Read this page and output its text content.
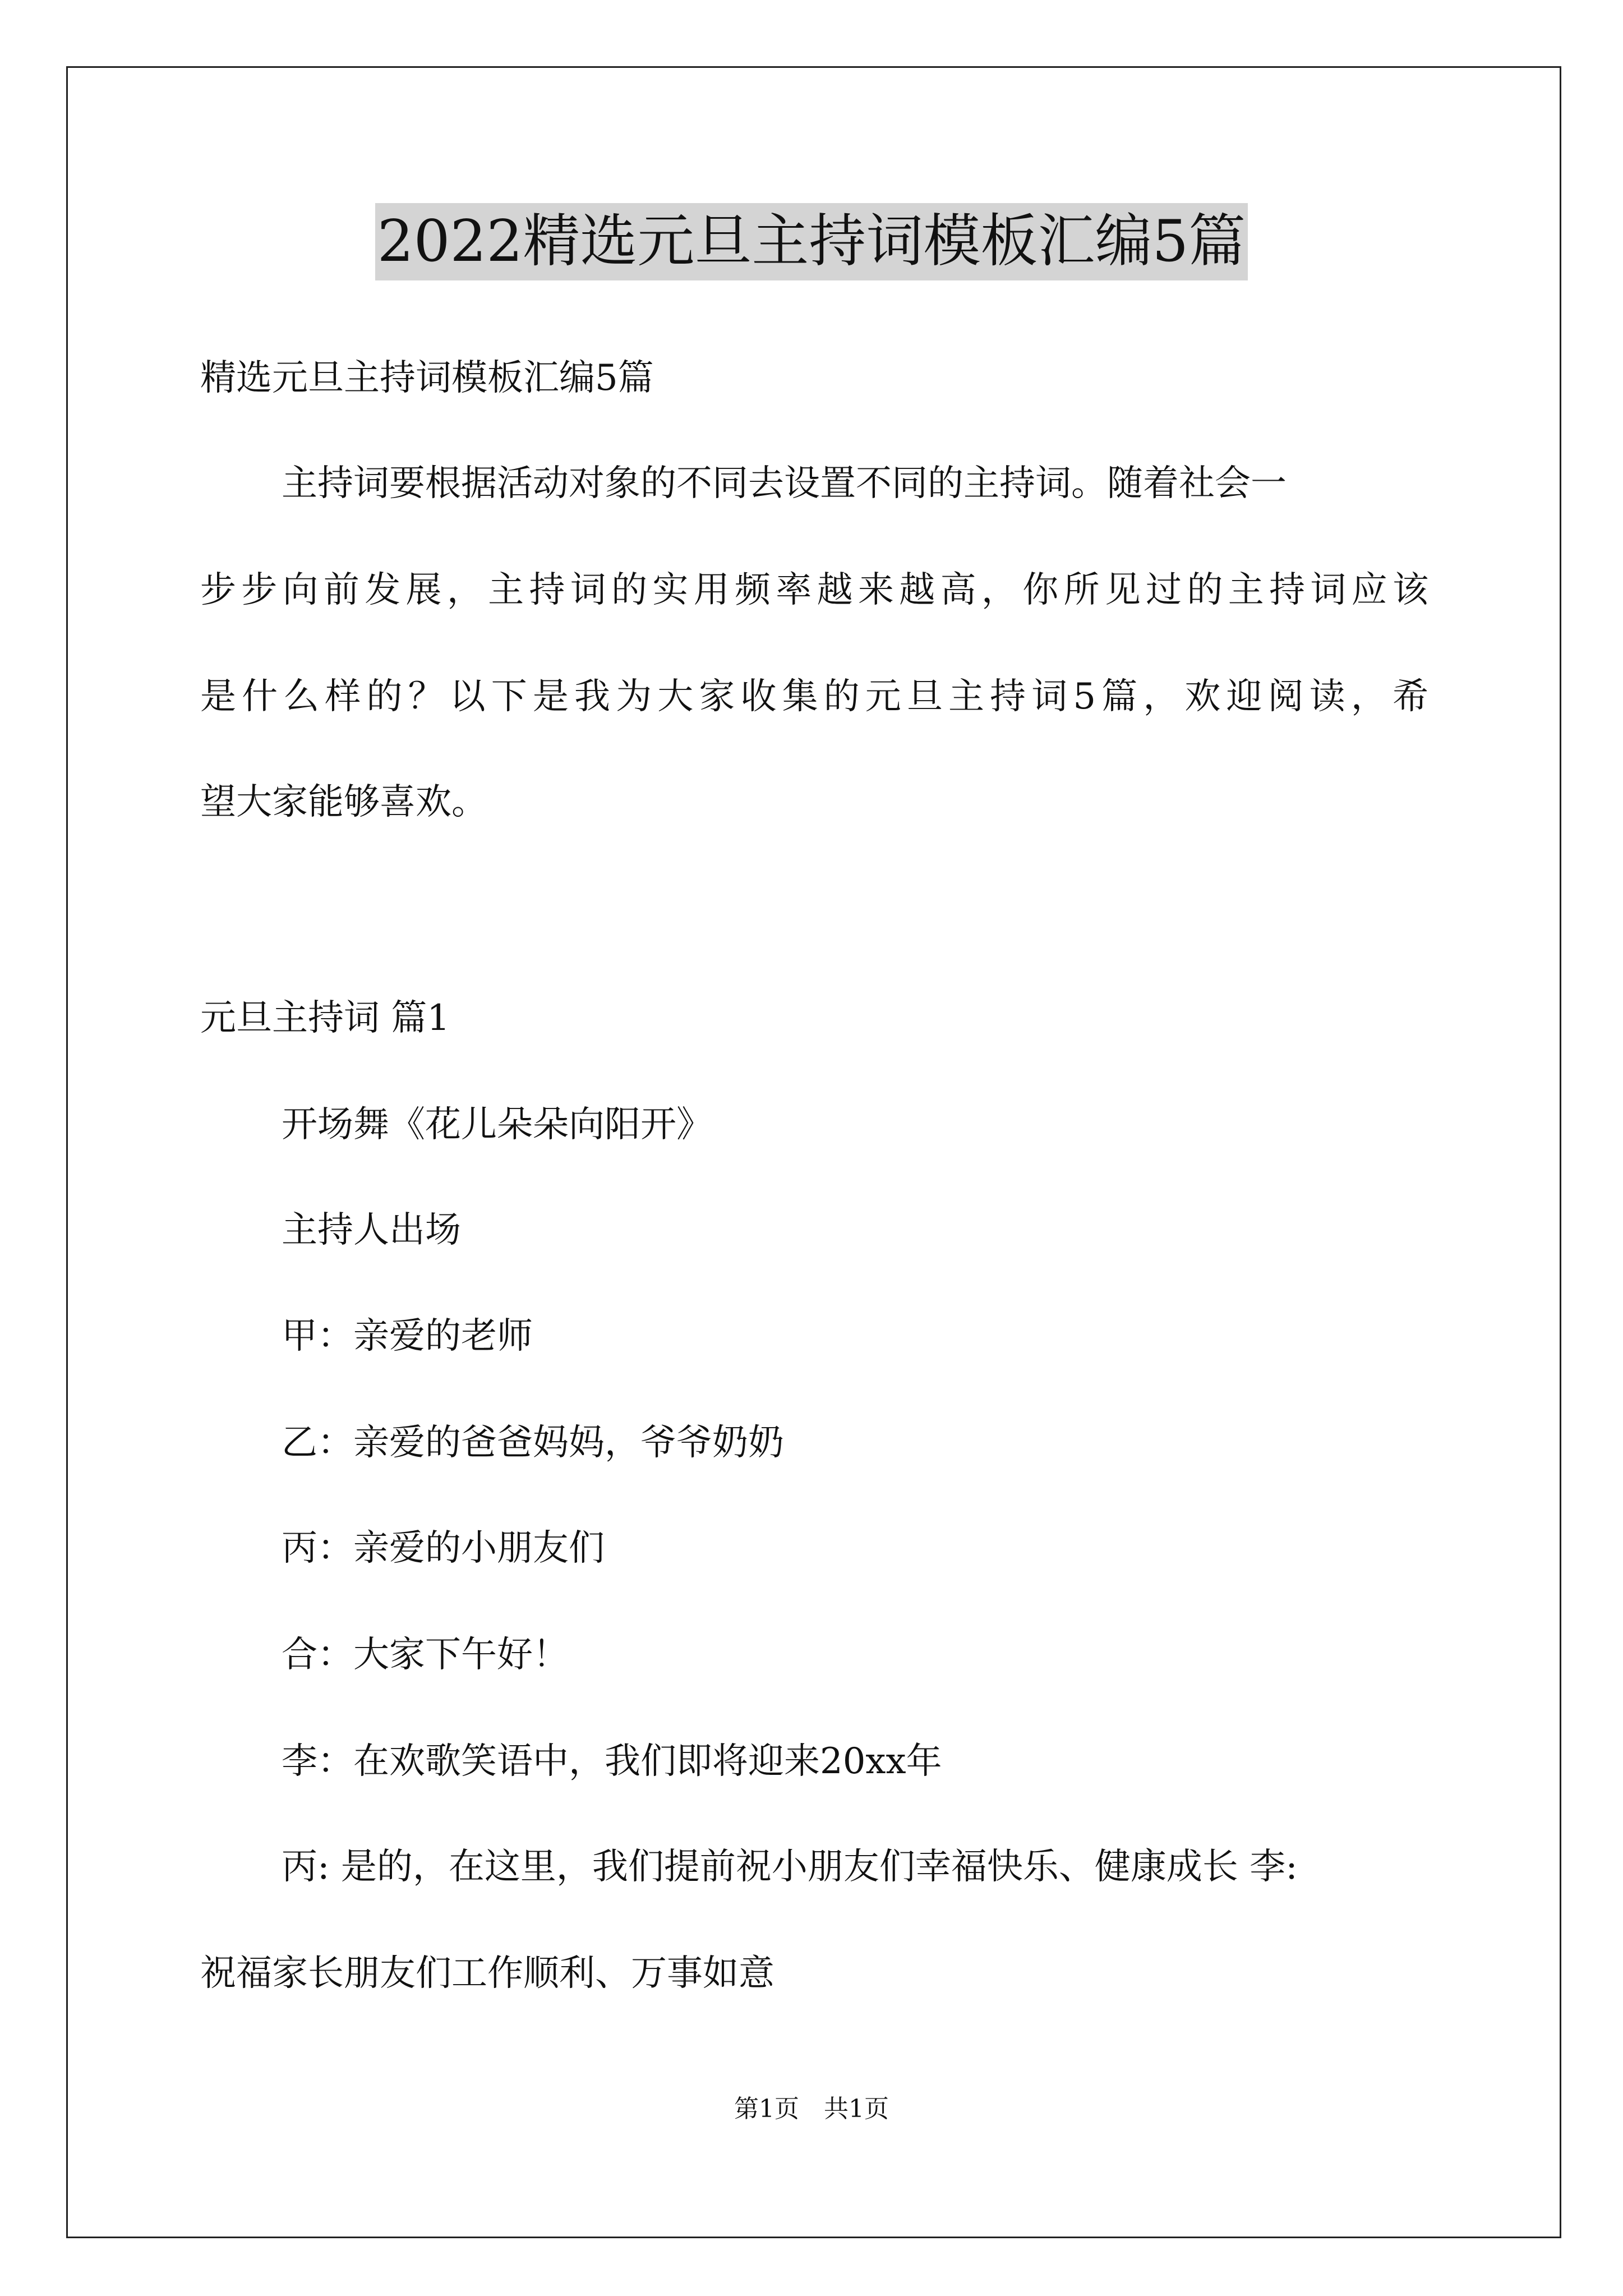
2022精选元旦主持词模板汇编5篇
精选元旦主持词模板汇编5篇
主持词要根据活动对象的不同去设置不同的主持词。随着社会一
步步向前发展，主持词的实用频率越来越高，你所见过的主持词应该
是什么样的？以下是我为大家收集的元旦主持词5篇，欢迎阅读，希
望大家能够喜欢。
元旦主持词 篇1
开场舞《花儿朵朵向阳开》
主持人出场
甲：亲爱的老师
乙：亲爱的爸爸妈妈，爷爷奶奶
丙：亲爱的小朋友们
合：大家下午好！
李：在欢歌笑语中，我们即将迎来20xx年
丙: 是的，在这里，我们提前祝小朋友们幸福快乐、健康成长 李:
祝福家长朋友们工作顺利、万事如意
第1页　共1页
